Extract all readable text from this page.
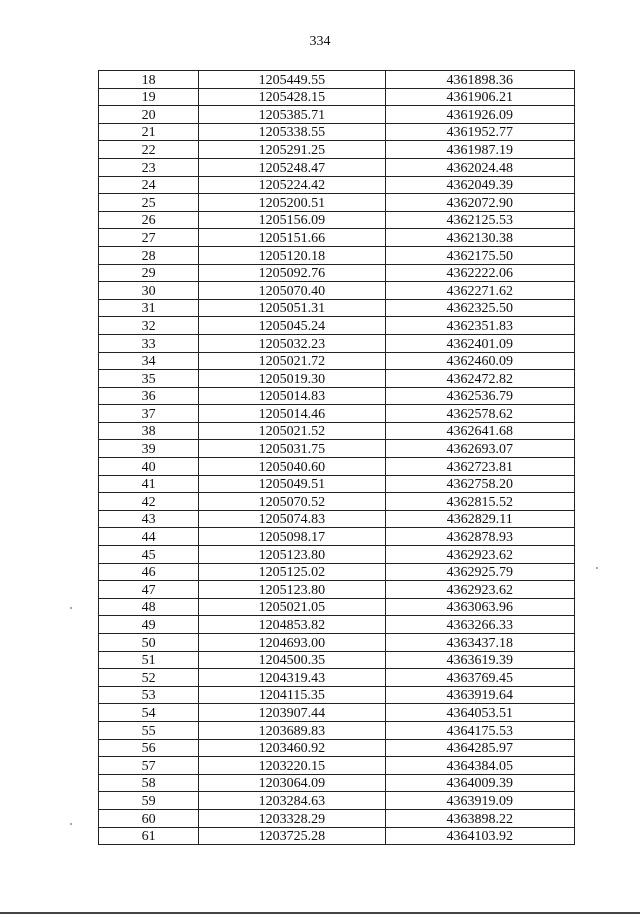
334
18	1205449.55	4361898.36
19	1205428.15	4361906.21
20	1205385.71	4361926.09
21	1205338.55	4361952.77
22	1205291.25	4361987.19
23	1205248.47	4362024.48
24	1205224.42	4362049.39
25	1205200.51	4362072.90
26	1205156.09	4362125.53
27	1205151.66	4362130.38
28	1205120.18	4362175.50
29	1205092.76	4362222.06
30	1205070.40	4362271.62
31	1205051.31	4362325.50
32	1205045.24	4362351.83
33	1205032.23	4362401.09
34	1205021.72	4362460.09
35	1205019.30	4362472.82
36	1205014.83	4362536.79
37	1205014.46	4362578.62
38	1205021.52	4362641.68
39	1205031.75	4362693.07
40	1205040.60	4362723.81
41	1205049.51	4362758.20
42	1205070.52	4362815.52
43	1205074.83	4362829.11
44	1205098.17	4362878.93
45	1205123.80	4362923.62
46	1205125.02	4362925.79
47	1205123.80	4362923.62
48	1205021.05	4363063.96
49	1204853.82	4363266.33
50	1204693.00	4363437.18
51	1204500.35	4363619.39
52	1204319.43	4363769.45
53	1204115.35	4363919.64
54	1203907.44	4364053.51
55	1203689.83	4364175.53
56	1203460.92	4364285.97
57	1203220.15	4364384.05
58	1203064.09	4364009.39
59	1203284.63	4363919.09
60	1203328.29	4363898.22
61	1203725.28	4364103.92
